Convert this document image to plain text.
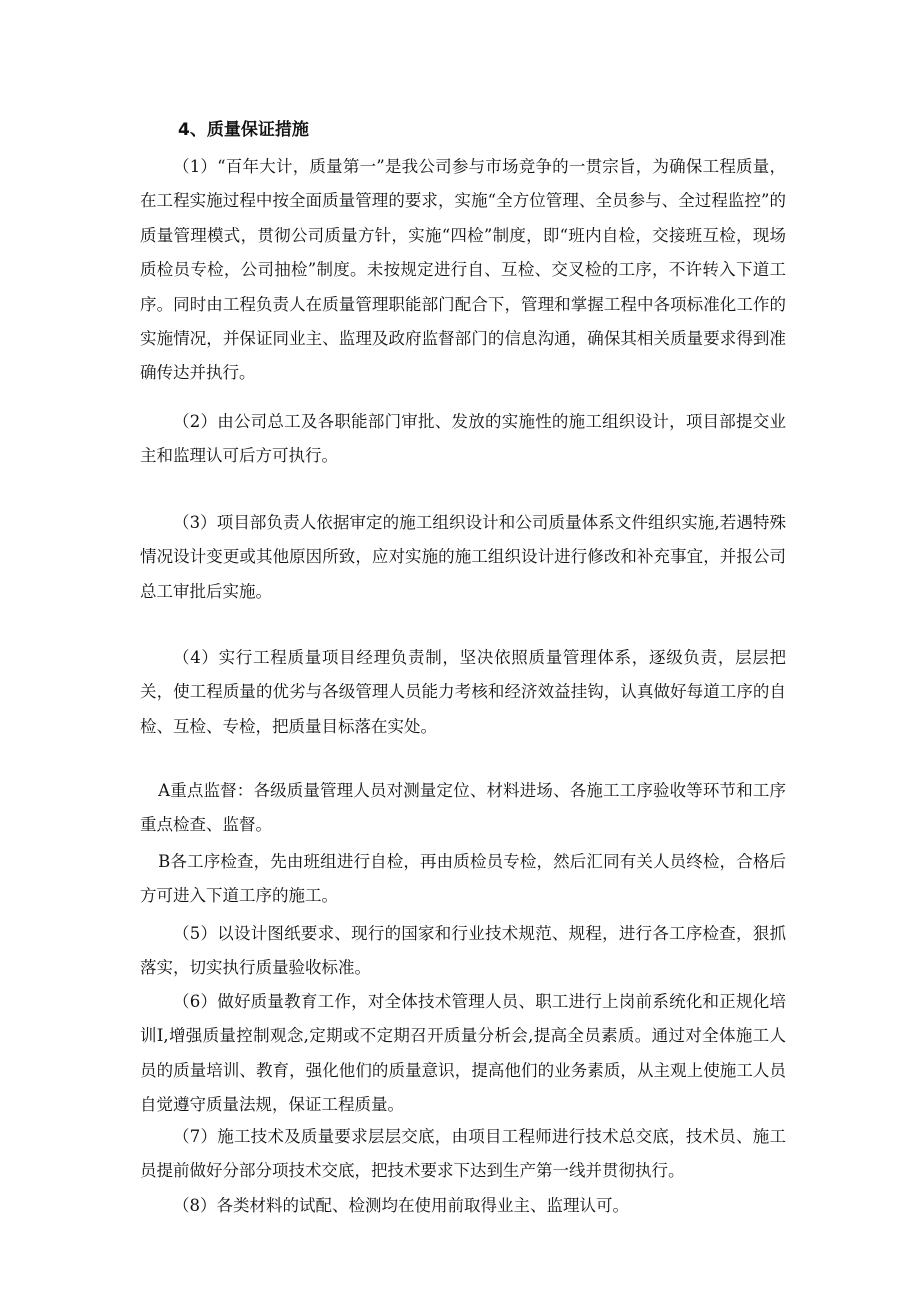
4、质量保证措施

（1）“百年大计，质量第一”是我公司参与市场竞争的一贯宗旨，为确保工程质量，在工程实施过程中按全面质量管理的要求，实施“全方位管理、全员参与、全过程监控”的质量管理模式，贯彻公司质量方针，实施“四检”制度，即“班内自检，交接班互检，现场质检员专检，公司抽检”制度。未按规定进行自、互检、交叉检的工序，不许转入下道工序。同时由工程负责人在质量管理职能部门配合下，管理和掌握工程中各项标准化工作的实施情况，并保证同业主、监理及政府监督部门的信息沟通，确保其相关质量要求得到准确传达并执行。

（2）由公司总工及各职能部门审批、发放的实施性的施工组织设计，项目部提交业主和监理认可后方可执行。

（3）项目部负责人依据审定的施工组织设计和公司质量体系文件组织实施,若遇特殊情况设计变更或其他原因所致，应对实施的施工组织设计进行修改和补充事宜，并报公司总工审批后实施。

（4）实行工程质量项目经理负责制，坚决依照质量管理体系，逐级负责，层层把关，使工程质量的优劣与各级管理人员能力考核和经济效益挂钩，认真做好每道工序的自检、互检、专检，把质量目标落在实处。

A重点监督：各级质量管理人员对测量定位、材料进场、各施工工序验收等环节和工序重点检查、监督。

B各工序检查，先由班组进行自检，再由质检员专检，然后汇同有关人员终检，合格后方可进入下道工序的施工。

（5）以设计图纸要求、现行的国家和行业技术规范、规程，进行各工序检查，狠抓落实，切实执行质量验收标准。

（6）做好质量教育工作，对全体技术管理人员、职工进行上岗前系统化和正规化培训I,增强质量控制观念,定期或不定期召开质量分析会,提高全员素质。通过对全体施工人员的质量培训、教育，强化他们的质量意识，提高他们的业务素质，从主观上使施工人员自觉遵守质量法规，保证工程质量。

（7）施工技术及质量要求层层交底，由项目工程师进行技术总交底，技术员、施工员提前做好分部分项技术交底，把技术要求下达到生产第一线并贯彻执行。

（8）各类材料的试配、检测均在使用前取得业主、监理认可。
